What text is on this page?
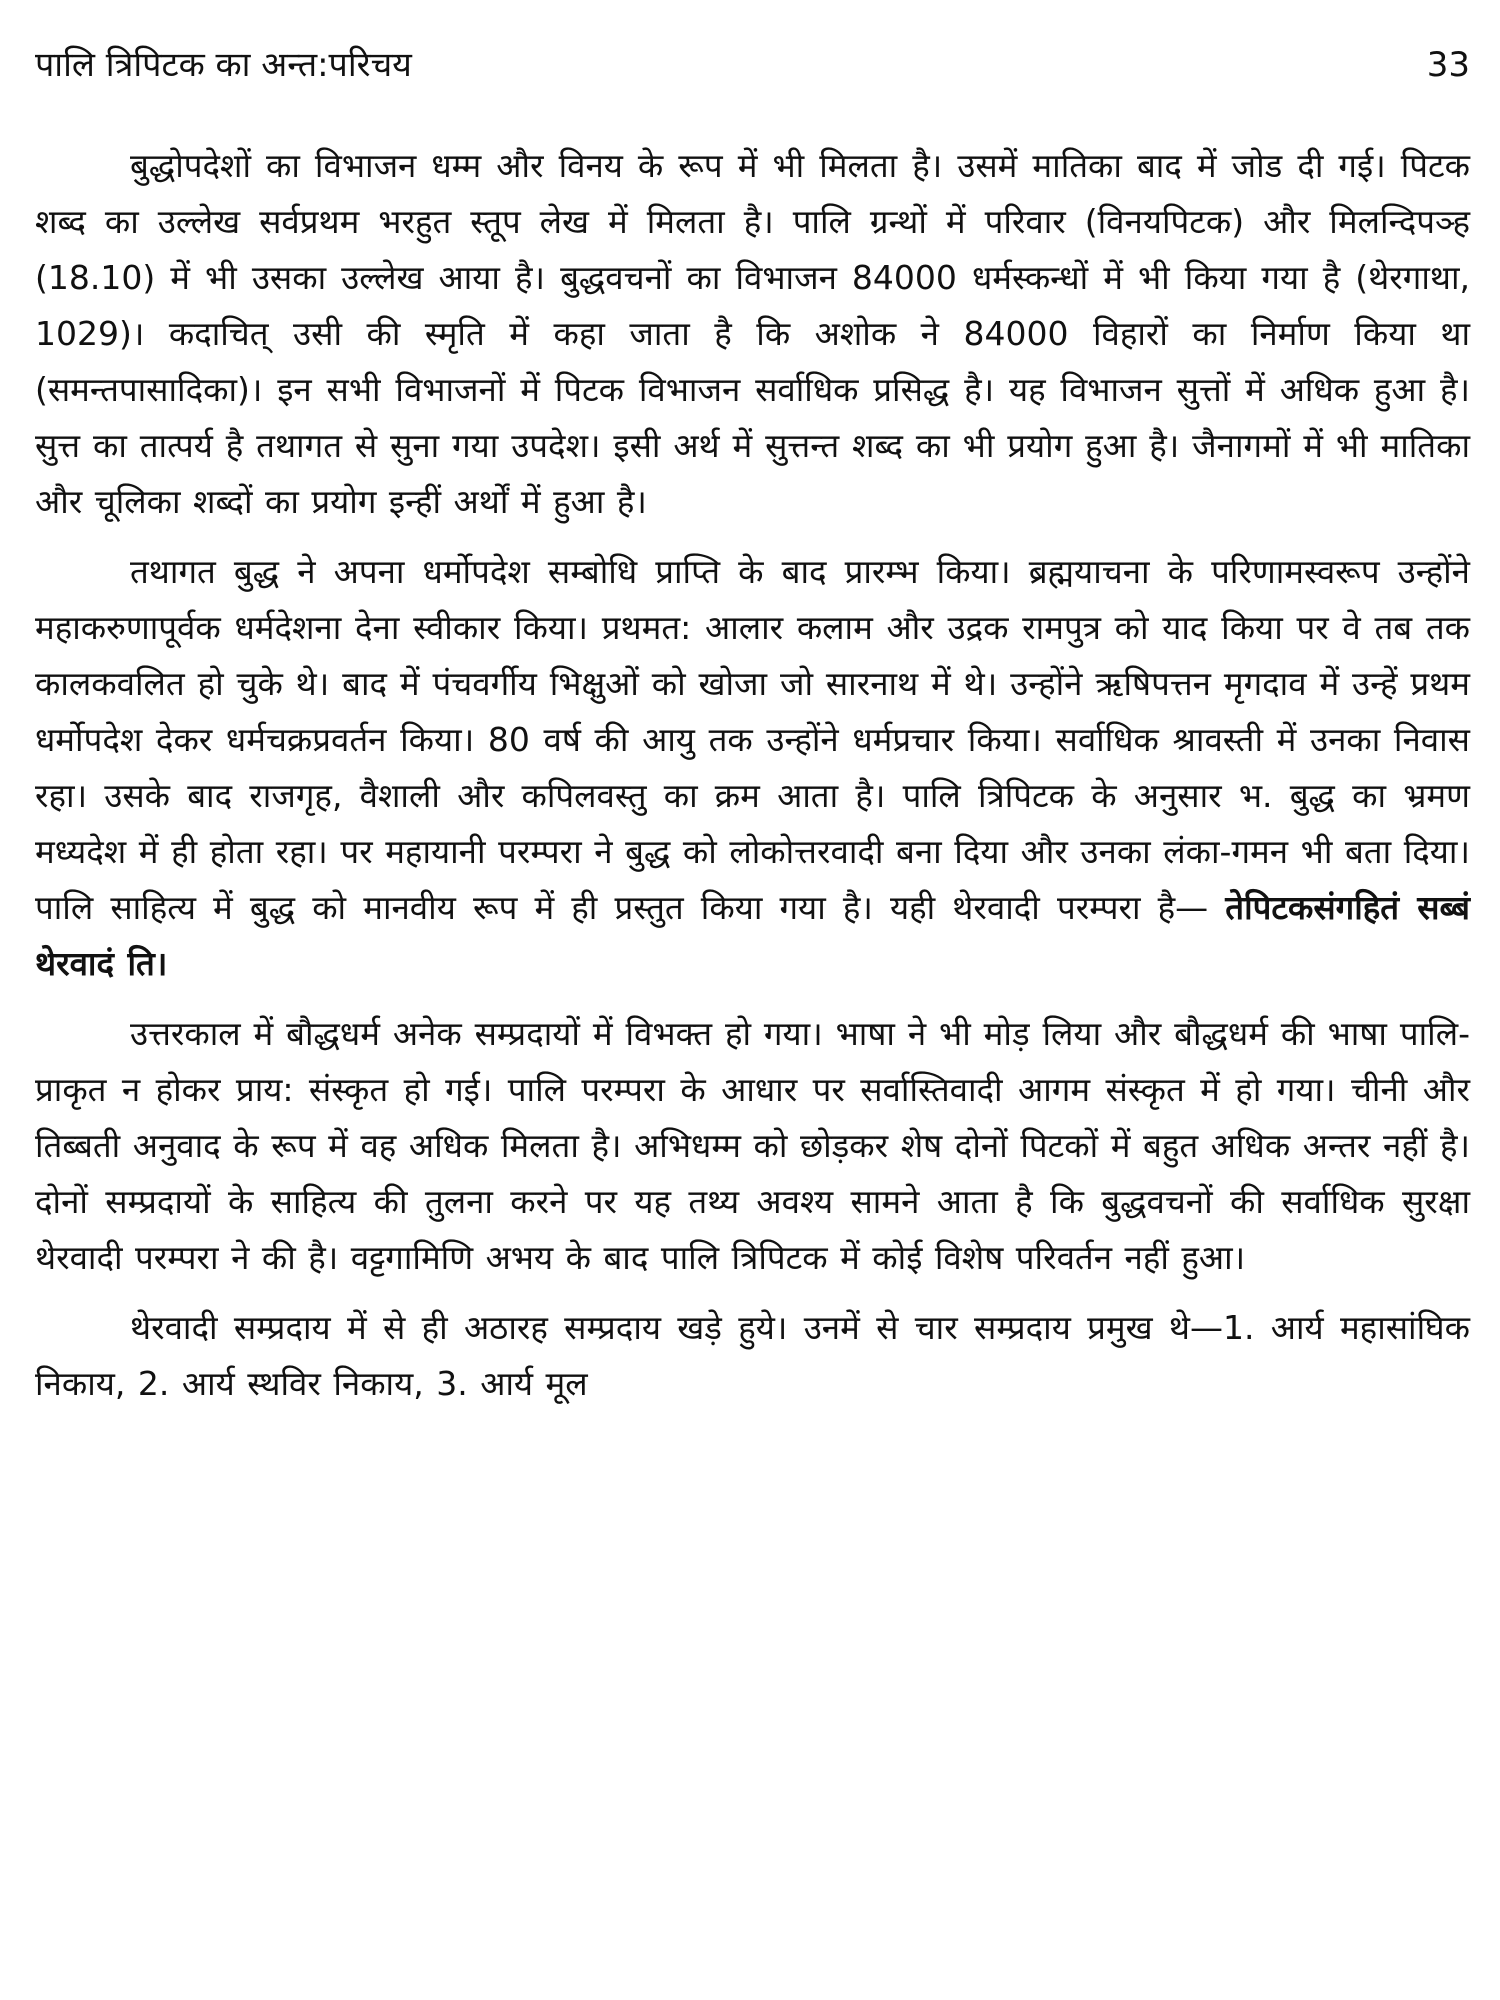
पालि त्रिपिटक का अन्त:परिचय	33

बुद्धोपदेशों का विभाजन धम्म और विनय के रूप में भी मिलता है। उसमें मातिका बाद में जोड दी गई। पिटक शब्द का उल्लेख सर्वप्रथम भरहुत स्तूप लेख में मिलता है। पालि ग्रन्थों में परिवार (विनयपिटक) और मिलन्दिपञ्ह (18.10) में भी उसका उल्लेख आया है। बुद्धवचनों का विभाजन 84000 धर्मस्कन्धों में भी किया गया है (थेरगाथा, 1029)। कदाचित् उसी की स्मृति में कहा जाता है कि अशोक ने 84000 विहारों का निर्माण किया था (समन्तपासादिका)। इन सभी विभाजनों में पिटक विभाजन सर्वाधिक प्रसिद्ध है। यह विभाजन सुत्तों में अधिक हुआ है। सुत्त का तात्पर्य है तथागत से सुना गया उपदेश। इसी अर्थ में सुत्तन्त शब्द का भी प्रयोग हुआ है। जैनागमों में भी मातिका और चूलिका शब्दों का प्रयोग इन्हीं अर्थों में हुआ है।

तथागत बुद्ध ने अपना धर्मोपदेश सम्बोधि प्राप्ति के बाद प्रारम्भ किया। ब्रह्मयाचना के परिणामस्वरूप उन्होंने महाकरुणापूर्वक धर्मदेशना देना स्वीकार किया। प्रथमत: आलार कलाम और उद्रक रामपुत्र को याद किया पर वे तब तक कालकवलित हो चुके थे। बाद में पंचवर्गीय भिक्षुओं को खोजा जो सारनाथ में थे। उन्होंने ऋषिपत्तन मृगदाव में उन्हें प्रथम धर्मोपदेश देकर धर्मचक्रप्रवर्तन किया। 80 वर्ष की आयु तक उन्होंने धर्मप्रचार किया। सर्वाधिक श्रावस्ती में उनका निवास रहा। उसके बाद राजगृह, वैशाली और कपिलवस्तु का क्रम आता है। पालि त्रिपिटक के अनुसार भ. बुद्ध का भ्रमण मध्यदेश में ही होता रहा। पर महायानी परम्परा ने बुद्ध को लोकोत्तरवादी बना दिया और उनका लंका-गमन भी बता दिया। पालि साहित्य में बुद्ध को मानवीय रूप में ही प्रस्तुत किया गया है। यही थेरवादी परम्परा है— तेपिटकसंगहितं सब्बं थेरवादं ति।

उत्तरकाल में बौद्धधर्म अनेक सम्प्रदायों में विभक्त हो गया। भाषा ने भी मोड़ लिया और बौद्धधर्म की भाषा पालि-प्राकृत न होकर प्राय: संस्कृत हो गई। पालि परम्परा के आधार पर सर्वास्तिवादी आगम संस्कृत में हो गया। चीनी और तिब्बती अनुवाद के रूप में वह अधिक मिलता है। अभिधम्म को छोड़कर शेष दोनों पिटकों में बहुत अधिक अन्तर नहीं है। दोनों सम्प्रदायों के साहित्य की तुलना करने पर यह तथ्य अवश्य सामने आता है कि बुद्धवचनों की सर्वाधिक सुरक्षा थेरवादी परम्परा ने की है। वट्टगामिणि अभय के बाद पालि त्रिपिटक में कोई विशेष परिवर्तन नहीं हुआ।

थेरवादी सम्प्रदाय में से ही अठारह सम्प्रदाय खड़े हुये। उनमें से चार सम्प्रदाय प्रमुख थे—1. आर्य महासांघिक निकाय, 2. आर्य स्थविर निकाय, 3. आर्य मूल
